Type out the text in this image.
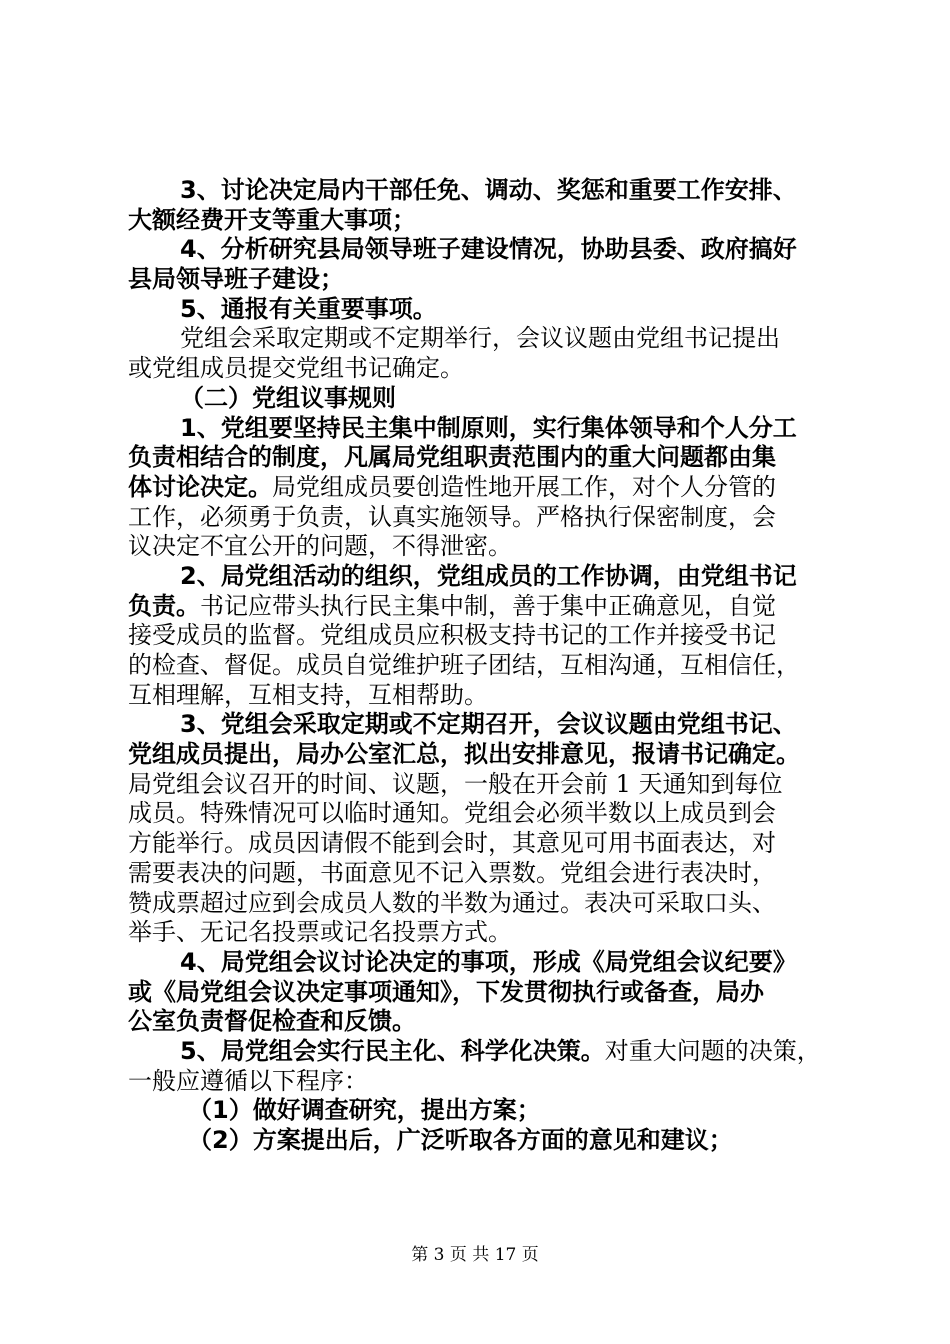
3、讨论决定局内干部任免、调动、奖惩和重要工作安排、
大额经费开支等重大事项；
4、分析研究县局领导班子建设情况，协助县委、政府搞好
县局领导班子建设；
5、通报有关重要事项。
党组会采取定期或不定期举行，会议议题由党组书记提出
或党组成员提交党组书记确定。
（二）党组议事规则
1、党组要坚持民主集中制原则，实行集体领导和个人分工
负责相结合的制度，凡属局党组职责范围内的重大问题都由集
体讨论决定。局党组成员要创造性地开展工作，对个人分管的
工作，必须勇于负责，认真实施领导。严格执行保密制度，会
议决定不宜公开的问题，不得泄密。
2、局党组活动的组织，党组成员的工作协调，由党组书记
负责。书记应带头执行民主集中制，善于集中正确意见，自觉
接受成员的监督。党组成员应积极支持书记的工作并接受书记
的检查、督促。成员自觉维护班子团结，互相沟通，互相信任，
互相理解，互相支持，互相帮助。
3、党组会采取定期或不定期召开，会议议题由党组书记、
党组成员提出，局办公室汇总，拟出安排意见，报请书记确定。
局党组会议召开的时间、议题，一般在开会前 1 天通知到每位
成员。特殊情况可以临时通知。党组会必须半数以上成员到会
方能举行。成员因请假不能到会时，其意见可用书面表达，对
需要表决的问题，书面意见不记入票数。党组会进行表决时，
赞成票超过应到会成员人数的半数为通过。表决可采取口头、
举手、无记名投票或记名投票方式。
4、局党组会议讨论决定的事项，形成《局党组会议纪要》
或《局党组会议决定事项通知》，下发贯彻执行或备查，局办
公室负责督促检查和反馈。
5、局党组会实行民主化、科学化决策。对重大问题的决策，
一般应遵循以下程序：
（1）做好调查研究，提出方案；
（2）方案提出后，广泛听取各方面的意见和建议；
第 3 页 共 17 页
